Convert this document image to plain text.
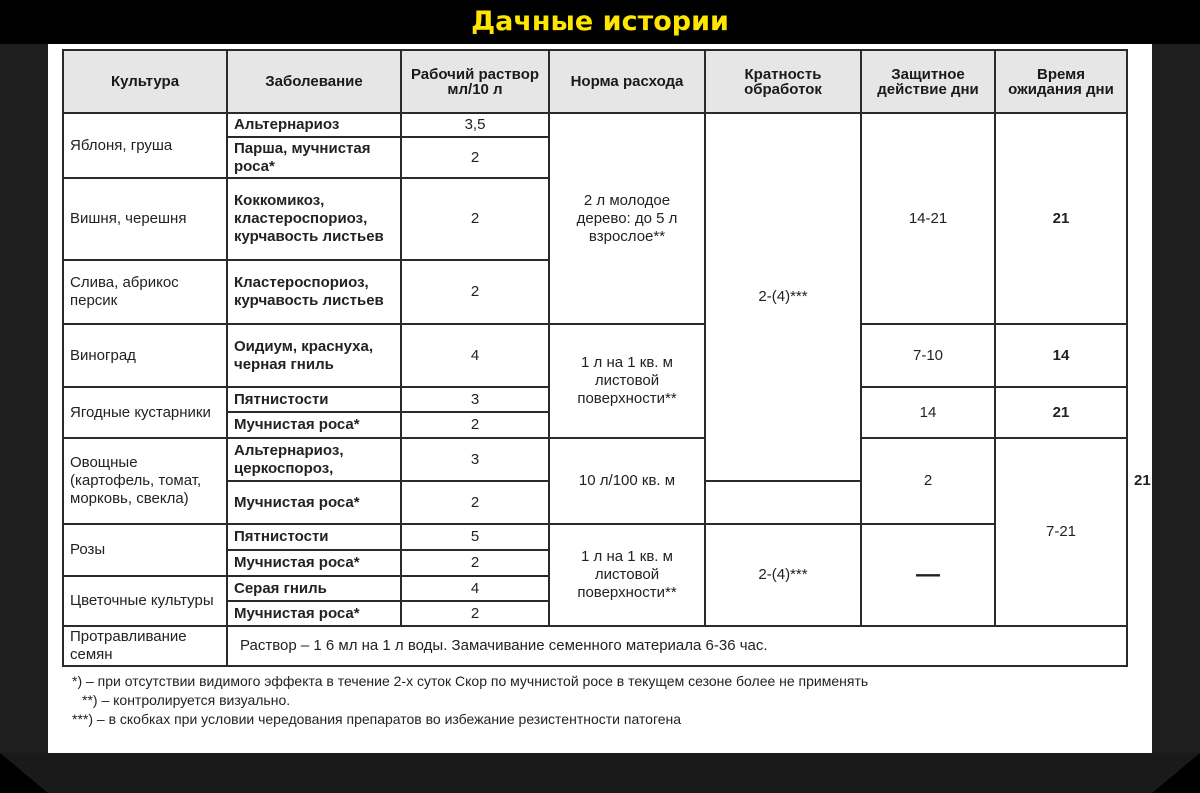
Дачные истории
Культура	Заболевание	Рабочий раствор мл/10 л	Норма расхода	Кратность обработок	Защитное действие дни	Время ожидания дни	
Яблоня, груша	Альтернариоз	3,5	2 л молодое дерево: до 5 л взрослое**	2-(4)***	14-21	21	
	Парша, мучнистая роса*	2					
Вишня, черешня	Коккомикоз, кластероспориоз, курчавость листьев	2					
Слива, абрикос персик	Кластероспориоз, курчавость листьев	2					
Виноград	Оидиум, краснуха, черная гниль	4	1 л на 1 кв. м листовой поверхности**		7-10	14	
Ягодные кустарники	Пятнистости	3			14	21	
	Мучнистая роса*	2					
Овощные (картофель, томат, морковь, свекла)	Альтернариоз, церкоспороз,	3	10 л/100 кв. м		2	7-21	21
	Мучнистая роса*	2					
Розы	Пятнистости	5	1 л на 1 кв. м листовой поверхности**	2-(4)***	—		
	Мучнистая роса*	2					
Цветочные культуры	Серая гниль	4					
	Мучнистая роса*	2					
Протравливание семян	Раствор – 1 6 мл на 1 л воды. Замачивание семенного материала 6-36 час.						
*) – при отсутствии видимого эффекта в течение 2-х суток Скор по мучнистой росе в текущем сезоне более не применять
**) – контролируется визуально.
***) – в скобках при условии чередования препаратов во избежание резистентности патогена
